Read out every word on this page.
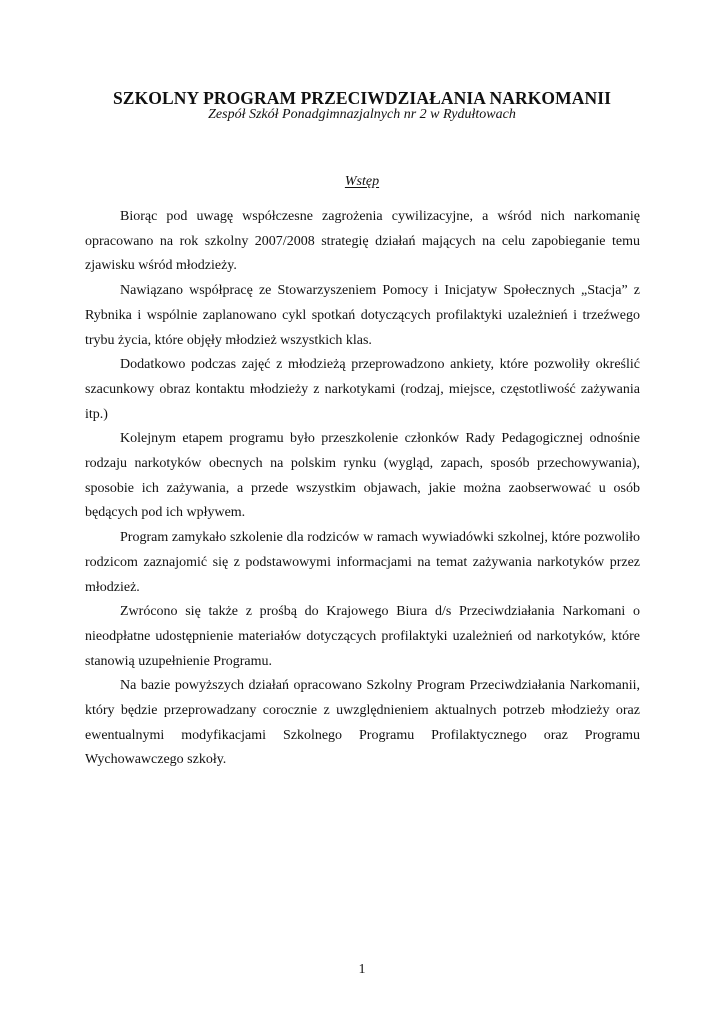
SZKOLNY PROGRAM PRZECIWDZIAŁANIA NARKOMANII
Zespół Szkół Ponadgimnazjalnych nr 2 w Rydułtowach
Wstęp

Biorąc pod uwagę współczesne zagrożenia cywilizacyjne, a wśród nich narkomanię opracowano na rok szkolny 2007/2008 strategię działań mających na celu zapobieganie temu zjawisku wśród młodzieży.

Nawiązano współpracę ze Stowarzyszeniem Pomocy i Inicjatyw Społecznych „Stacja” z Rybnika i wspólnie zaplanowano cykl spotkań dotyczących profilaktyki uzależnień i trzeźwego trybu życia, które objęły młodzież wszystkich klas.

Dodatkowo podczas zajęć z młodzieżą przeprowadzono ankiety, które pozwoliły określić szacunkowy obraz kontaktu młodzieży z narkotykami (rodzaj, miejsce, częstotliwość zażywania itp.)

Kolejnym etapem programu było przeszkolenie członków Rady Pedagogicznej odnośnie rodzaju narkotyków obecnych na polskim rynku (wygląd, zapach, sposób przechowywania), sposobie ich zażywania, a przede wszystkim objawach, jakie można zaobserwować u osób będących pod ich wpływem.

Program zamykało szkolenie dla rodziców w ramach wywiadówki szkolnej, które pozwoliło rodzicom zaznajomić się z podstawowymi informacjami na temat zażywania narkotyków przez młodzież.

Zwrócono się także z prośbą do Krajowego Biura d/s Przeciwdziałania Narkomani o nieodpłatne udostępnienie materiałów dotyczących profilaktyki uzależnień od narkotyków, które stanowią uzupełnienie Programu.

Na bazie powyższych działań opracowano Szkolny Program Przeciwdziałania Narkomanii, który będzie przeprowadzany corocznie z uwzględnieniem aktualnych potrzeb młodzieży oraz ewentualnymi modyfikacjami Szkolnego Programu Profilaktycznego oraz Programu Wychowawczego szkoły.

1
